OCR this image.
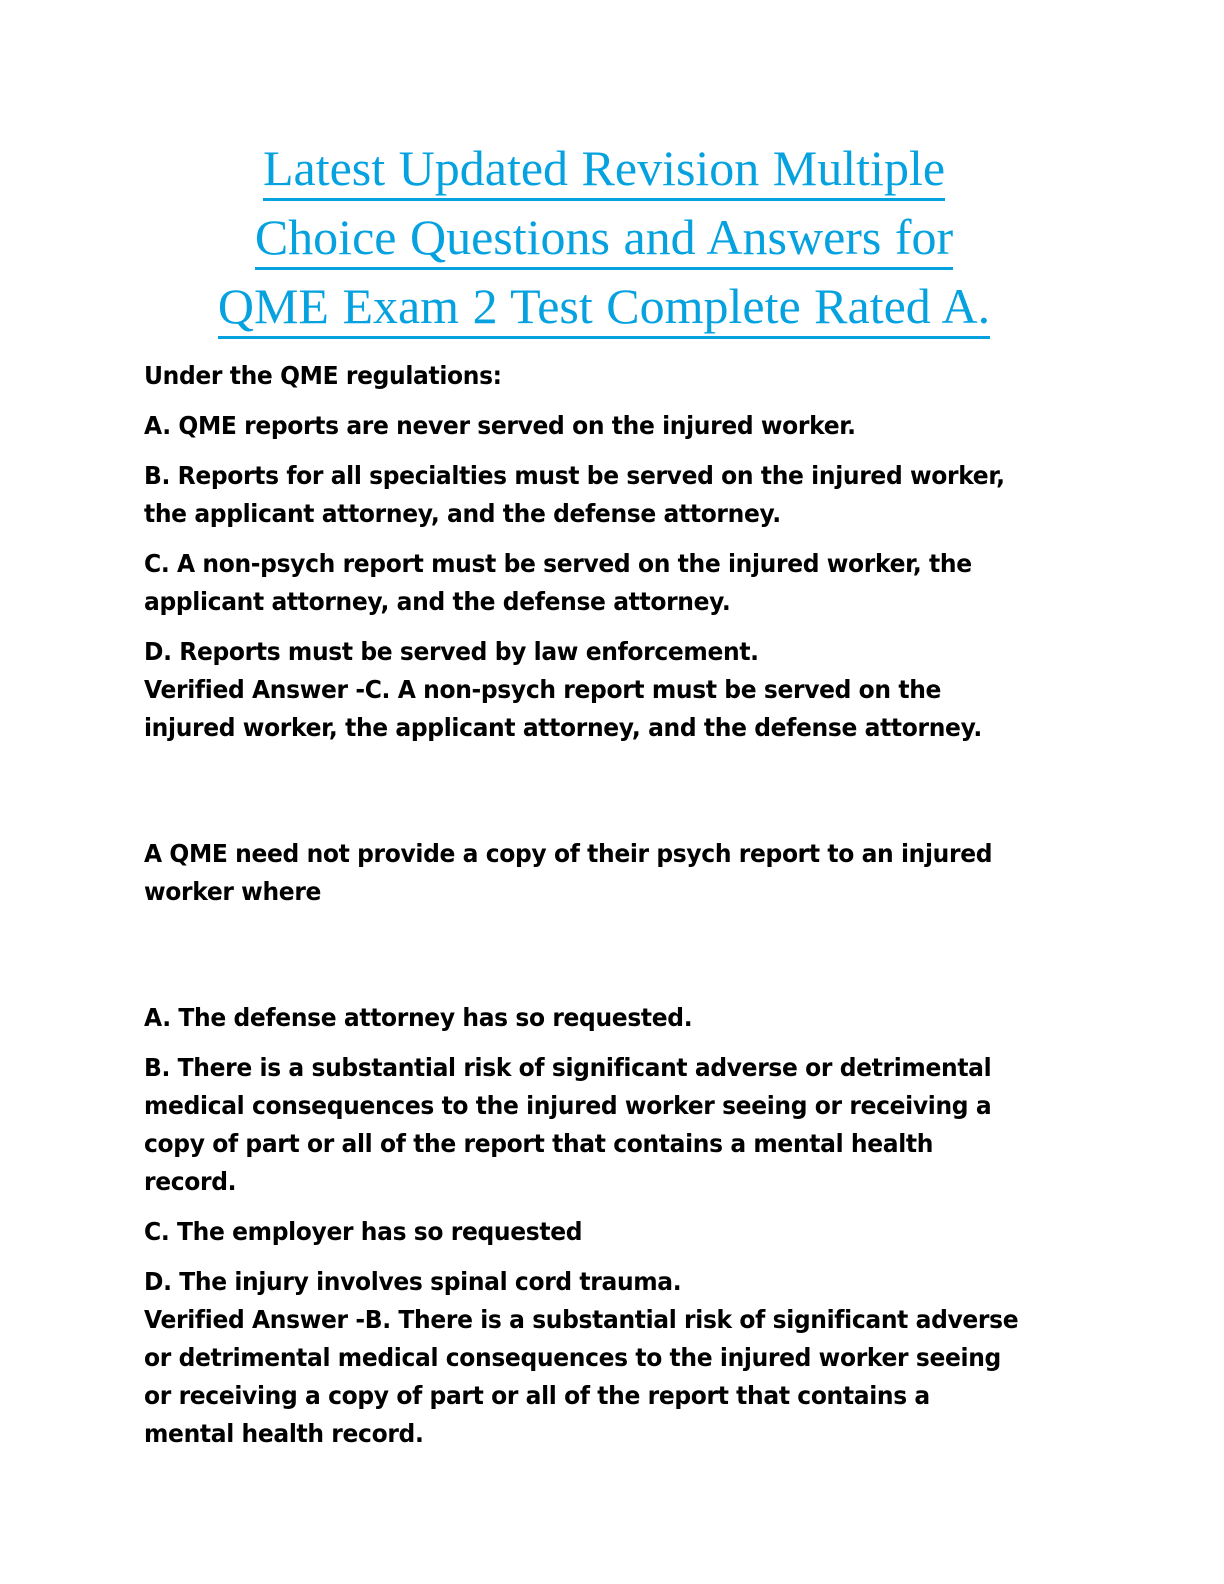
Latest Updated Revision Multiple
Choice Questions and Answers for
QME Exam 2 Test Complete Rated A.

Under the QME regulations:

A. QME reports are never served on the injured worker.

B. Reports for all specialties must be served on the injured worker, the applicant attorney, and the defense attorney.

C. A non-psych report must be served on the injured worker, the applicant attorney, and the defense attorney.

D. Reports must be served by law enforcement.

Verified Answer -C. A non-psych report must be served on the injured worker, the applicant attorney, and the defense attorney.

A QME need not provide a copy of their psych report to an injured worker where

A. The defense attorney has so requested.

B. There is a substantial risk of significant adverse or detrimental medical consequences to the injured worker seeing or receiving a copy of part or all of the report that contains a mental health record.

C. The employer has so requested

D. The injury involves spinal cord trauma.

Verified Answer -B. There is a substantial risk of significant adverse or detrimental medical consequences to the injured worker seeing or receiving a copy of part or all of the report that contains a mental health record.
